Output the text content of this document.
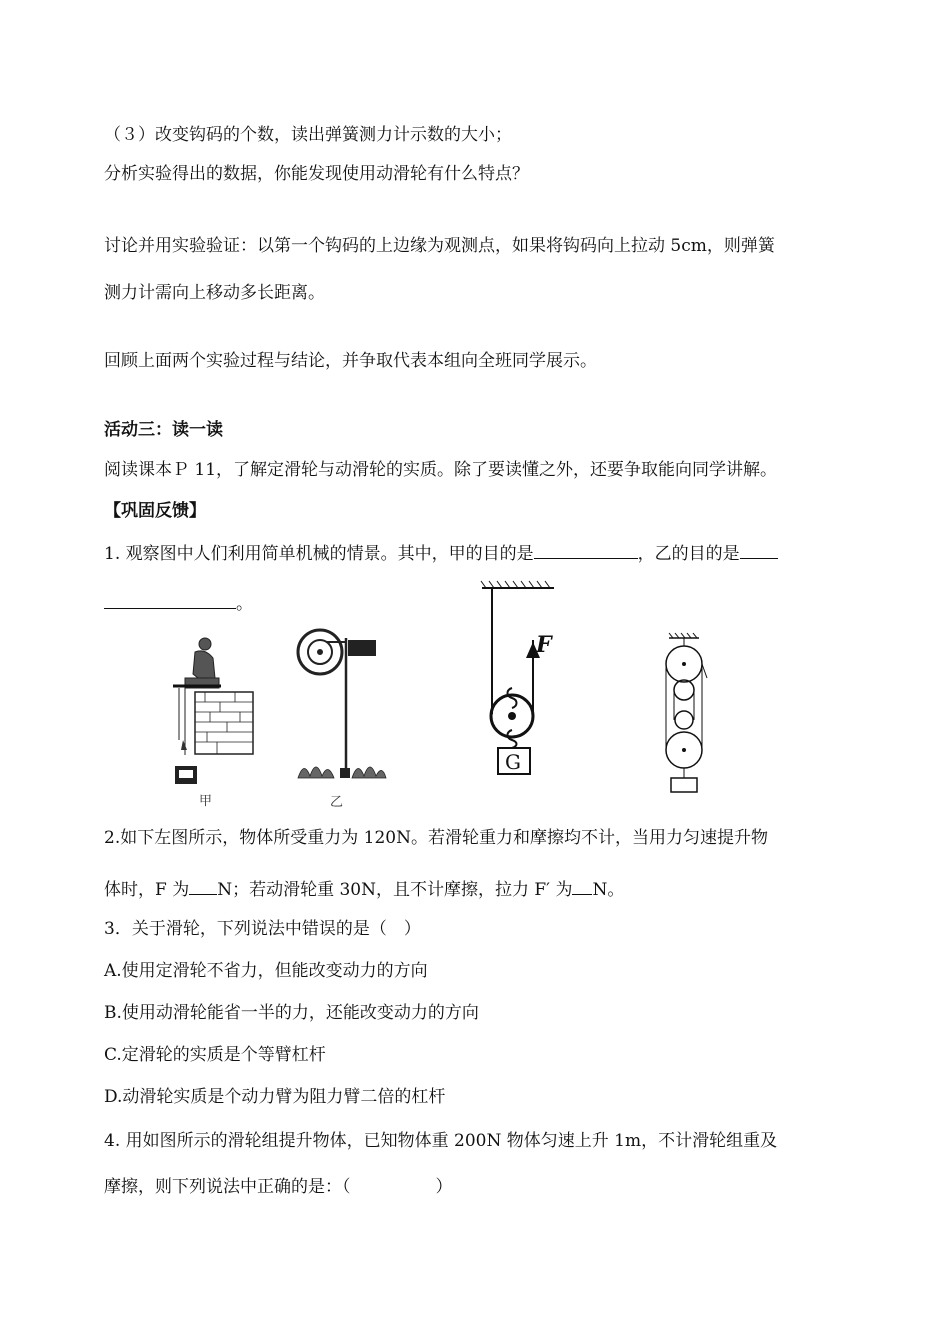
（３）改变钩码的个数，读出弹簧测力计示数的大小；
分析实验得出的数据，你能发现使用动滑轮有什么特点？
讨论并用实验验证：以第一个钩码的上边缘为观测点，如果将钩码向上拉动 5cm，则弹簧
测力计需向上移动多长距离。
回顾上面两个实验过程与结论，并争取代表本组向全班同学展示。
活动三：读一读
阅读课本Ｐ 11，了解定滑轮与动滑轮的实质。除了要读懂之外，还要争取能向同学讲解。
【巩固反馈】
1. 观察图中人们利用简单机械的情景。其中，甲的目的是	，乙的目的是
。
甲	乙
F
G
2.如下左图所示，物体所受重力为 120N。若滑轮重力和摩擦均不计，当用力匀速提升物
体时，F 为 N；若动滑轮重 30N，且不计摩擦，拉力 F′ 为 N。
3．关于滑轮，下列说法中错误的是（　）
A.使用定滑轮不省力，但能改变动力的方向
B.使用动滑轮能省一半的力，还能改变动力的方向
C.定滑轮的实质是个等臂杠杆
D.动滑轮实质是个动力臂为阻力臂二倍的杠杆
4. 用如图所示的滑轮组提升物体，已知物体重 200N 物体匀速上升 1m，不计滑轮组重及
摩擦，则下列说法中正确的是：（　　　　　）
